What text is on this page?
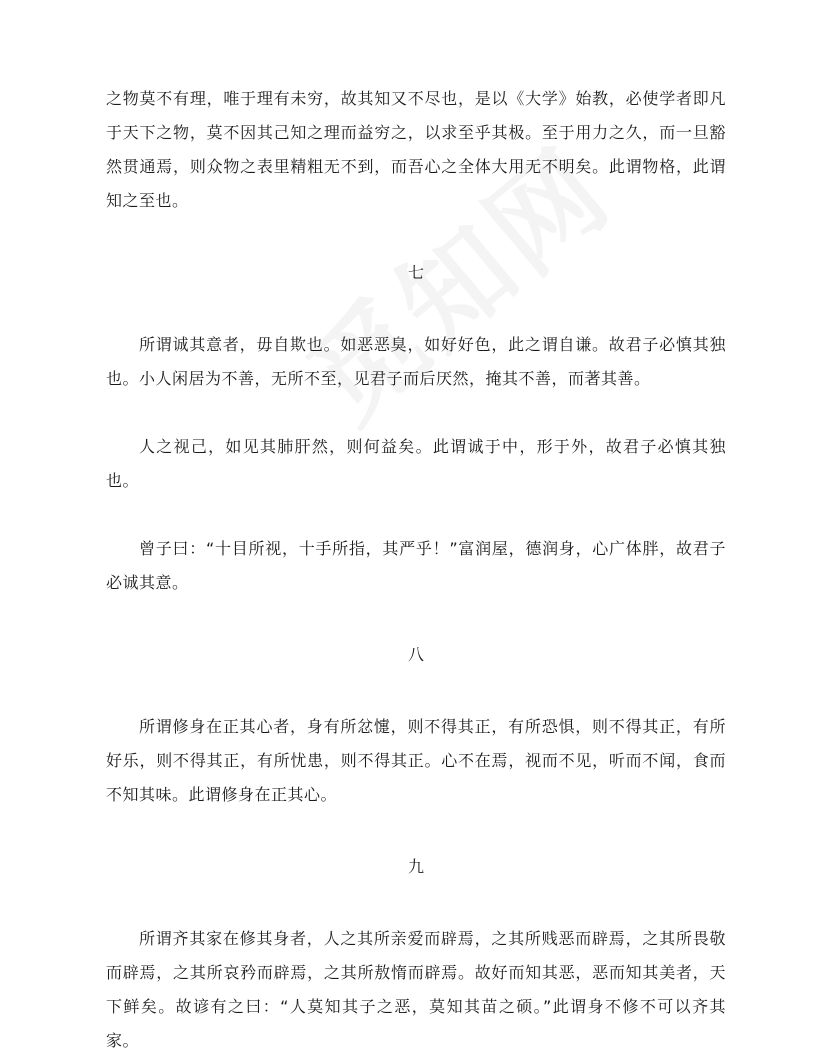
之物莫不有理，唯于理有未穷，故其知又不尽也，是以《大学》始教，必使学者即凡于天下之物，莫不因其己知之理而益穷之，以求至乎其极。至于用力之久，而一旦豁然贯通焉，则众物之表里精粗无不到，而吾心之全体大用无不明矣。此谓物格，此谓知之至也。

七

所谓诚其意者，毋自欺也。如恶恶臭，如好好色，此之谓自谦。故君子必慎其独也。小人闲居为不善，无所不至，见君子而后厌然，掩其不善，而著其善。

人之视己，如见其肺肝然，则何益矣。此谓诚于中，形于外，故君子必慎其独也。

曾子曰：“十目所视，十手所指，其严乎！”富润屋，德润身，心广体胖，故君子必诚其意。

八

所谓修身在正其心者，身有所忿懥，则不得其正，有所恐惧，则不得其正，有所好乐，则不得其正，有所忧患，则不得其正。心不在焉，视而不见，听而不闻，食而不知其味。此谓修身在正其心。

九

所谓齐其家在修其身者，人之其所亲爱而辟焉，之其所贱恶而辟焉，之其所畏敬而辟焉，之其所哀矜而辟焉，之其所敖惰而辟焉。故好而知其恶，恶而知其美者，天下鲜矣。故谚有之曰：“人莫知其子之恶，莫知其苗之硕。”此谓身不修不可以齐其家。
